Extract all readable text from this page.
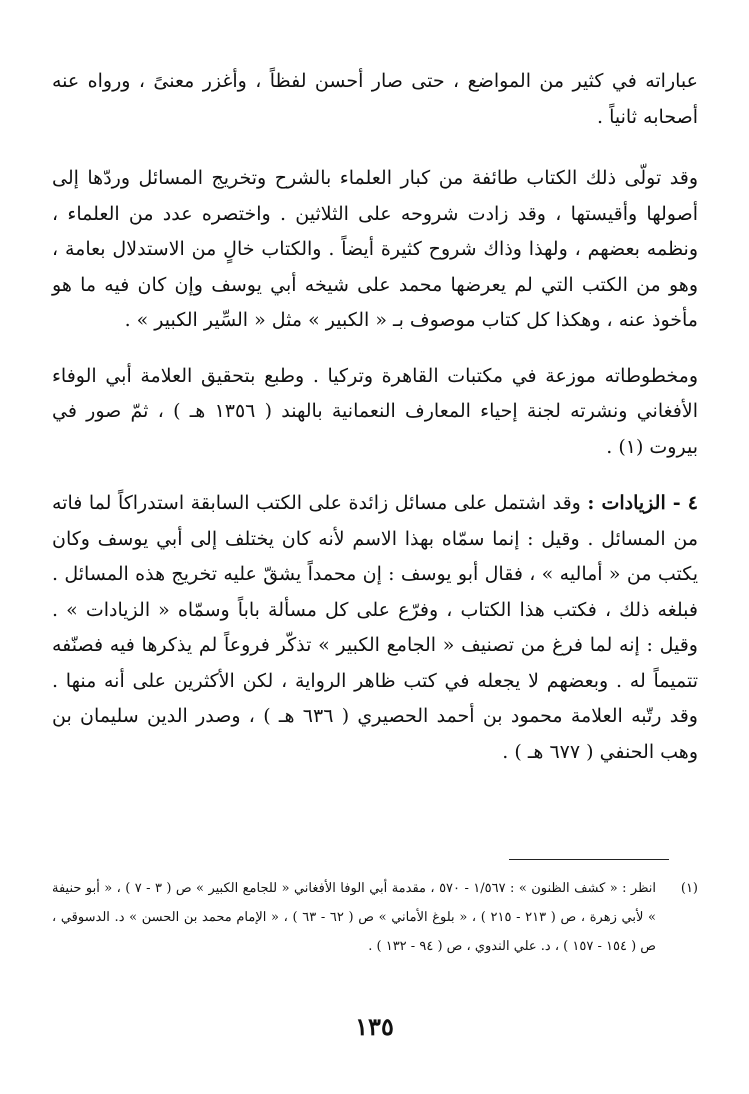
عباراته في كثير من المواضع ، حتى صار أحسن لفظاً ، وأغزر معنىً ، ورواه عنه أصحابه ثانياً .

وقد تولّى ذلك الكتاب طائفة من كبار العلماء بالشرح وتخريج المسائل وردّها إلى أصولها وأقيستها ، وقد زادت شروحه على الثلاثين . واختصره عدد من العلماء ، ونظمه بعضهم ، ولهذا وذاك شروح كثيرة أيضاً . والكتاب خالٍ من الاستدلال بعامة ، وهو من الكتب التي لم يعرضها محمد على شيخه أبي يوسف وإن كان فيه ما هو مأخوذ عنه ، وهكذا كل كتاب موصوف بـ « الكبير » مثل « السِّير الكبير » .

ومخطوطاته موزعة في مكتبات القاهرة وتركيا . وطبع بتحقيق العلامة أبي الوفاء الأفغاني ونشرته لجنة إحياء المعارف النعمانية بالهند ( ١٣٥٦ هـ ) ، ثمّ صور في بيروت (١) .

٤ - الزيادات : وقد اشتمل على مسائل زائدة على الكتب السابقة استدراكاً لما فاته من المسائل . وقيل : إنما سمّاه بهذا الاسم لأنه كان يختلف إلى أبي يوسف وكان يكتب من « أماليه » ، فقال أبو يوسف : إن محمداً يشقّ عليه تخريج هذه المسائل . فبلغه ذلك ، فكتب هذا الكتاب ، وفرّع على كل مسألة باباً وسمّاه « الزيادات » . وقيل : إنه لما فرغ من تصنيف « الجامع الكبير » تذكّر فروعاً لم يذكرها فيه فصنّفه تتميماً له . وبعضهم لا يجعله في كتب ظاهر الرواية ، لكن الأكثرين على أنه منها . وقد رتّبه العلامة محمود بن أحمد الحصيري ( ٦٣٦ هـ ) ، وصدر الدين سليمان بن وهب الحنفي ( ٦٧٧ هـ ) .

(١)
انظر : « كشف الظنون » : ١/٥٦٧ - ٥٧٠ ، مقدمة أبي الوفا الأفغاني « للجامع الكبير » ص ( ٣ - ٧ ) ، « أبو حنيفة » لأبي زهرة ، ص ( ٢١٣ - ٢١٥ ) ، « بلوغ الأماني » ص ( ٦٢ - ٦٣ ) ، « الإمام محمد بن الحسن » د. الدسوقي ، ص ( ١٥٤ - ١٥٧ ) ، د. علي الندوي ، ص ( ٩٤ - ١٣٢ ) .
١٣٥
